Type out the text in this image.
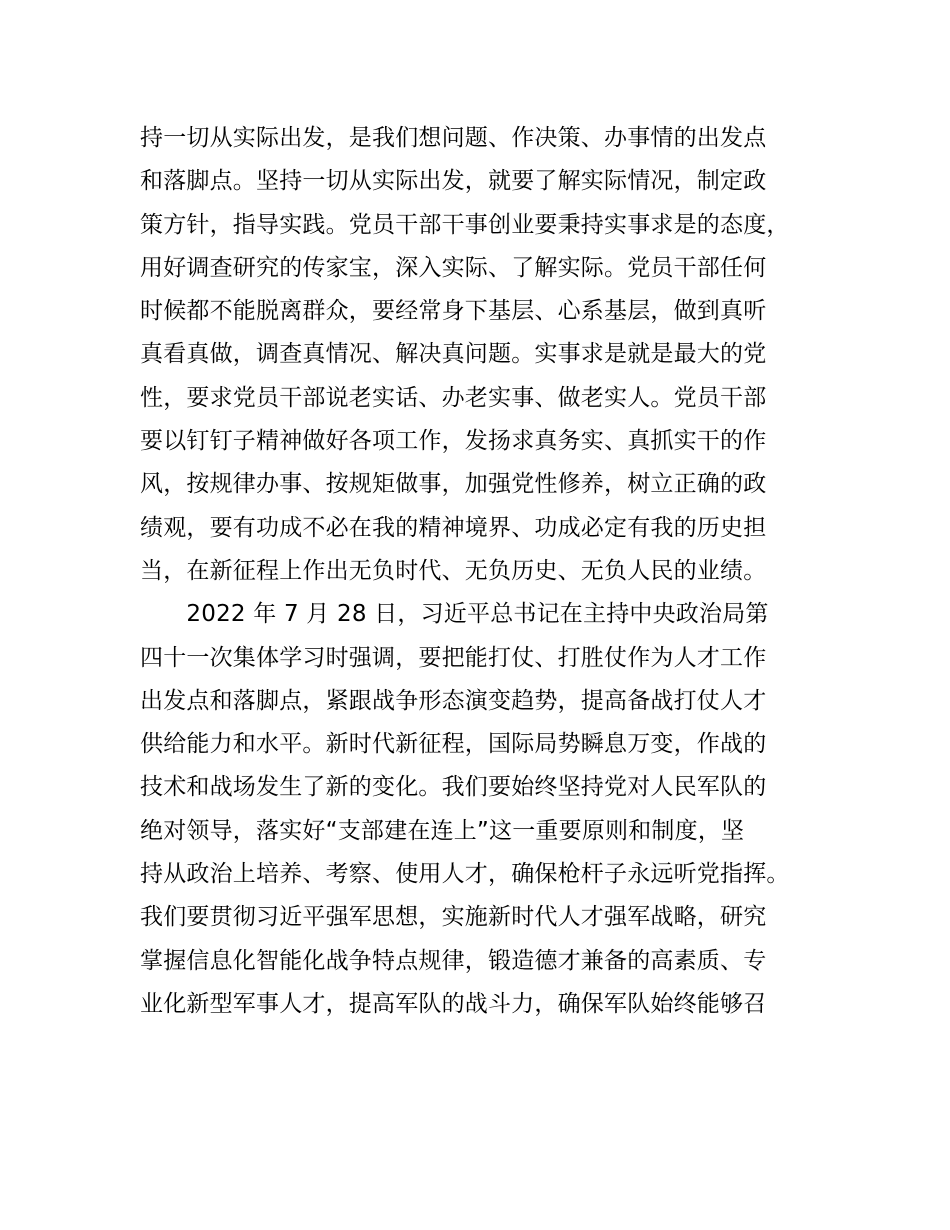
持一切从实际出发，是我们想问题、作决策、办事情的出发点
和落脚点。坚持一切从实际出发，就要了解实际情况，制定政
策方针，指导实践。党员干部干事创业要秉持实事求是的态度，
用好调查研究的传家宝，深入实际、了解实际。党员干部任何
时候都不能脱离群众，要经常身下基层、心系基层，做到真听
真看真做，调查真情况、解决真问题。实事求是就是最大的党
性，要求党员干部说老实话、办老实事、做老实人。党员干部
要以钉钉子精神做好各项工作，发扬求真务实、真抓实干的作
风，按规律办事、按规矩做事，加强党性修养，树立正确的政
绩观，要有功成不必在我的精神境界、功成必定有我的历史担
当，在新征程上作出无负时代、无负历史、无负人民的业绩。
　　2022 年 7 月 28 日，习近平总书记在主持中央政治局第
四十一次集体学习时强调，要把能打仗、打胜仗作为人才工作
出发点和落脚点，紧跟战争形态演变趋势，提高备战打仗人才
供给能力和水平。新时代新征程，国际局势瞬息万变，作战的
技术和战场发生了新的变化。我们要始终坚持党对人民军队的
绝对领导，落实好“支部建在连上”这一重要原则和制度，坚
持从政治上培养、考察、使用人才，确保枪杆子永远听党指挥。
我们要贯彻习近平强军思想，实施新时代人才强军战略，研究
掌握信息化智能化战争特点规律，锻造德才兼备的高素质、专
业化新型军事人才，提高军队的战斗力，确保军队始终能够召
